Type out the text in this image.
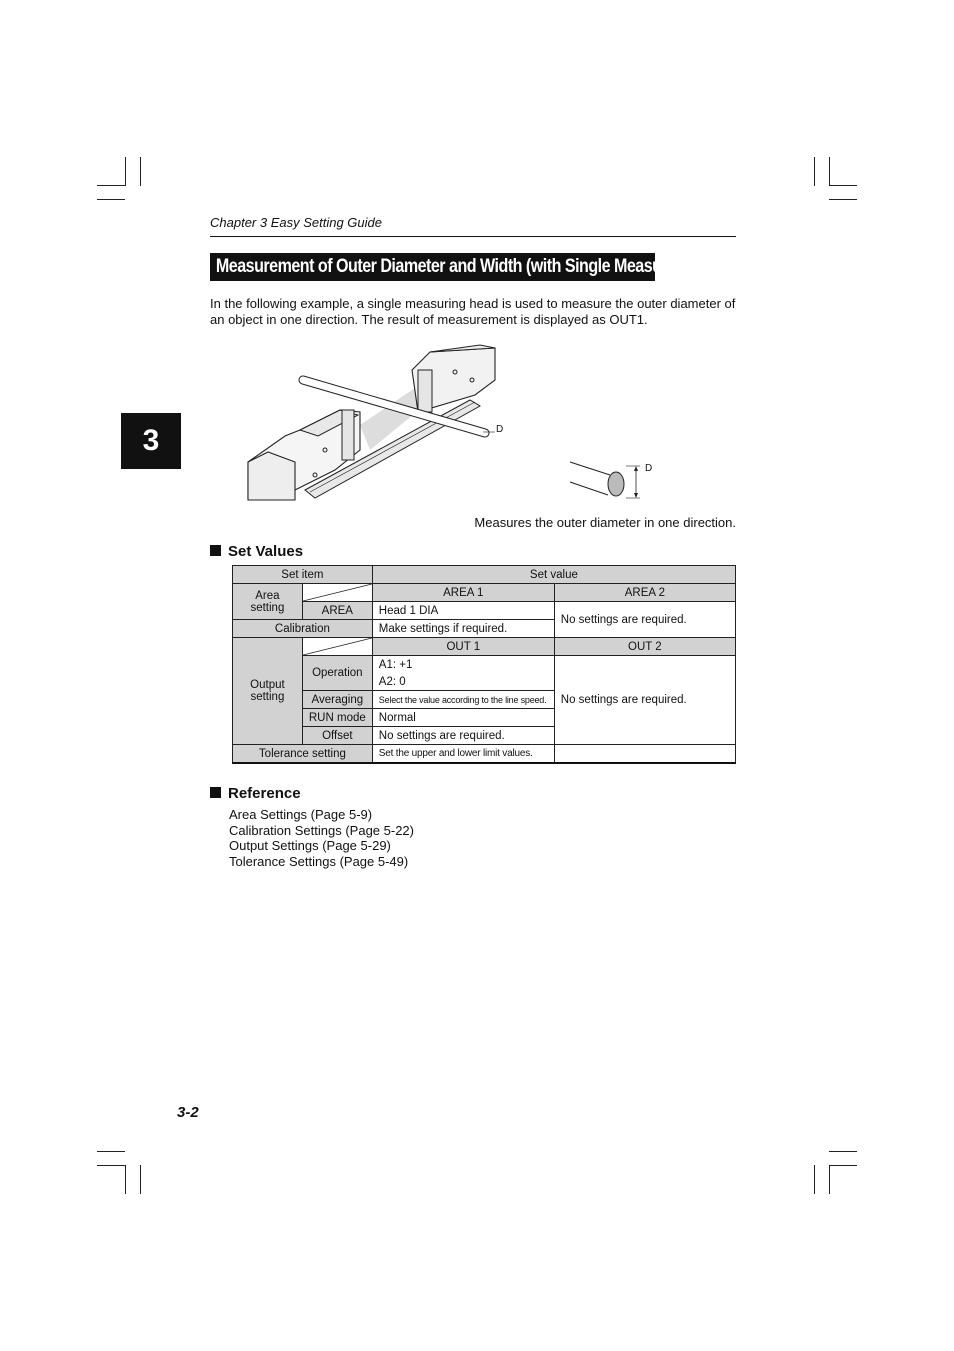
3
Chapter 3 Easy Setting Guide
Measurement of Outer Diameter and Width (with Single Measuring Head)
In the following example, a single measuring head is used to measure the outer diameter of an object in one direction. The result of measurement is displayed as OUT1.
D
D
Measures the outer diameter in one direction.
Set Values
Set item		Set value	
Area setting		AREA 1	AREA 2
	AREA	Head 1 DIA	No settings are required.
Calibration		Make settings if required.	
Output setting		OUT 1	OUT 2
	Operation	A1: +1	No settings are required.
		A2: 0	
	Averaging	Select the value according to the line speed.	
	RUN mode	Normal	
	Offset	No settings are required.	
Tolerance setting		Set the upper and lower limit values.	
Reference
Area Settings (Page 5-9)
Calibration Settings (Page 5-22)
Output Settings (Page 5-29)
Tolerance Settings (Page 5-49)
3-2
